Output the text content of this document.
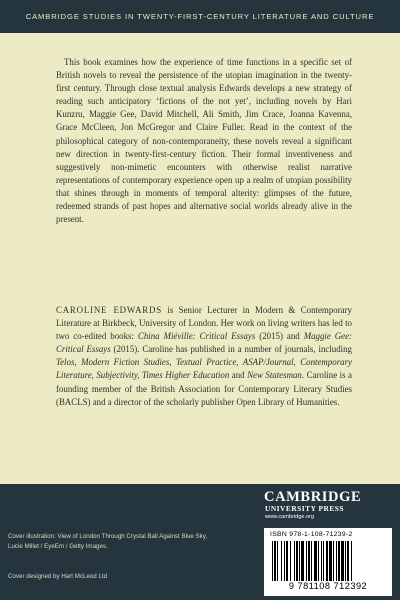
CAMBRIDGE STUDIES IN TWENTY-FIRST-CENTURY LITERATURE AND CULTURE

This book examines how the experience of time functions in a specific set of British novels to reveal the persistence of the utopian imagination in the twenty-first century. Through close textual analysis Edwards develops a new strategy of reading such anticipatory ‘fictions of the not yet’, including novels by Hari Kunzru, Maggie Gee, David Mitchell, Ali Smith, Jim Crace, Joanna Kavenna, Grace McCleen, Jon McGregor and Claire Fuller. Read in the context of the philosophical category of non-contemporaneity, these novels reveal a significant new direction in twenty-first-century fiction. Their formal inventiveness and suggestively non-mimetic encounters with otherwise realist narrative representations of contemporary experience open up a realm of utopian possibility that shines through in moments of temporal alterity: glimpses of the future, redeemed strands of past hopes and alternative social worlds already alive in the present.

CAROLINE EDWARDS is Senior Lecturer in Modern & Contemporary Literature at Birkbeck, University of London. Her work on living writers has led to two co-edited books: China Miéville: Critical Essays (2015) and Maggie Gee: Critical Essays (2015). Caroline has published in a number of journals, including Telos, Modern Fiction Studies, Textual Practice, ASAP/Journal, Contemporary Literature, Subjectivity, Times Higher Education and New Statesman. Caroline is a founding member of the British Association for Contemporary Literary Studies (BACLS) and a director of the scholarly publisher Open Library of Humanities.

Cover illustration: View of London Through Crystal Ball Against Blue Sky, Lucie Millet / EyeEm / Getty Images.
Cover designed by Hart McLeod Ltd
CAMBRIDGE
UNIVERSITY PRESS
www.cambridge.org
ISBN 978-1-108-71239-2
9 781108 712392
